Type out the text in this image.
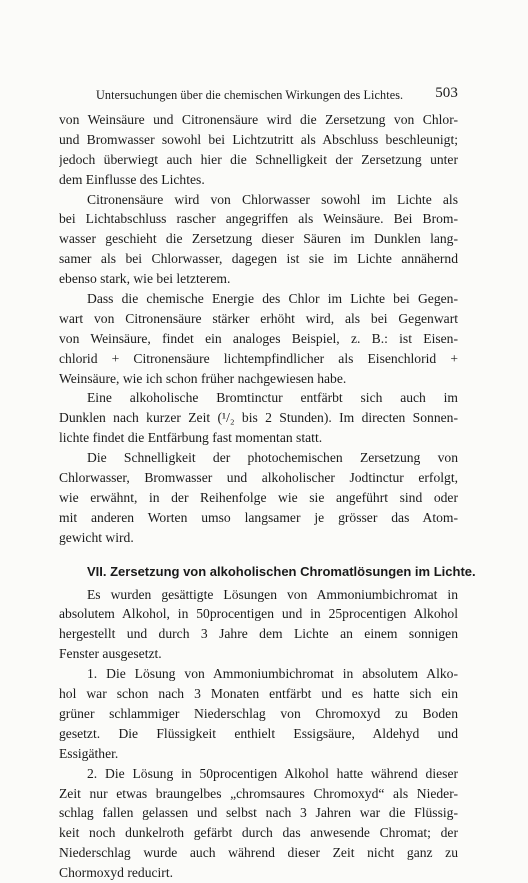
Untersuchungen über die chemischen Wirkungen des Lichtes. 503
von Weinsäure und Citronensäure wird die Zersetzung von Chlor-
und Bromwasser sowohl bei Lichtzutritt als Abschluss beschleunigt;
jedoch überwiegt auch hier die Schnelligkeit der Zersetzung unter
dem Einflusse des Lichtes.
Citronensäure wird von Chlorwasser sowohl im Lichte als
bei Lichtabschluss rascher angegriffen als Weinsäure. Bei Brom-
wasser geschieht die Zersetzung dieser Säuren im Dunklen lang-
samer als bei Chlorwasser, dagegen ist sie im Lichte annähernd
ebenso stark, wie bei letzterem.
Dass die chemische Energie des Chlor im Lichte bei Gegen-
wart von Citronensäure stärker erhöht wird, als bei Gegenwart
von Weinsäure, findet ein analoges Beispiel, z. B.: ist Eisen-
chlorid + Citronensäure lichtempfindlicher als Eisenchlorid +
Weinsäure, wie ich schon früher nachgewiesen habe.
Eine alkoholische Bromtinctur entfärbt sich auch im
Dunklen nach kurzer Zeit (¹/₂ bis 2 Stunden). Im directen Sonnen-
lichte findet die Entfärbung fast momentan statt.
Die Schnelligkeit der photochemischen Zersetzung von
Chlorwasser, Bromwasser und alkoholischer Jodtinctur erfolgt,
wie erwähnt, in der Reihenfolge wie sie angeführt sind oder
mit anderen Worten umso langsamer je grösser das Atom-
gewicht wird.
VII. Zersetzung von alkoholischen Chromatlösungen im Lichte.
Es wurden gesättigte Lösungen von Ammoniumbichromat in
absolutem Alkohol, in 50procentigen und in 25procentigen Alkohol
hergestellt und durch 3 Jahre dem Lichte an einem sonnigen
Fenster ausgesetzt.
1. Die Lösung von Ammoniumbichromat in absolutem Alko-
hol war schon nach 3 Monaten entfärbt und es hatte sich ein
grüner schlammiger Niederschlag von Chromoxyd zu Boden
gesetzt. Die Flüssigkeit enthielt Essigsäure, Aldehyd und
Essigäther.
2. Die Lösung in 50procentigen Alkohol hatte während dieser
Zeit nur etwas braungelbes „chromsaures Chromoxyd“ als Nieder-
schlag fallen gelassen und selbst nach 3 Jahren war die Flüssig-
keit noch dunkelroth gefärbt durch das anwesende Chromat; der
Niederschlag wurde auch während dieser Zeit nicht ganz zu
Chormoxyd reducirt.
